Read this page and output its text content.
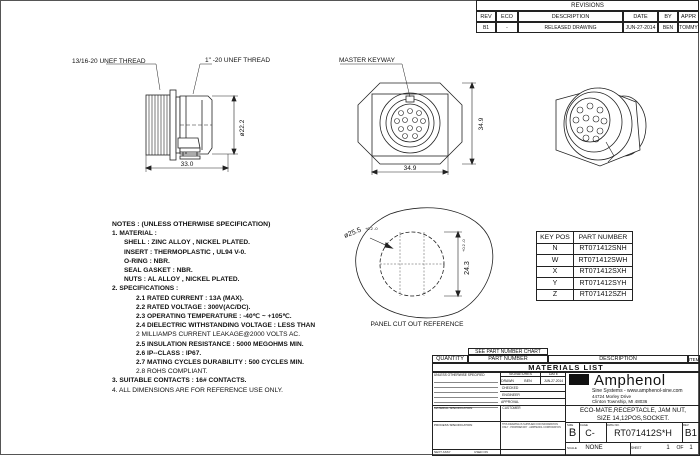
REVISIONS
REV	ECO	DESCRIPTION	DATE	BY	APPR
B1	-	RELEASED DRAWING	JUN-27-2014	BEN	TOMMY
13/16-20 UNEF THREAD	1" -20 UNEF THREAD
ø22.2
33.0
MASTER KEYWAY
34.9
34.9
ø25.5 +0.2 -0
24.3
+0.2 -0
PANEL CUT OUT REFERENCE
NOTES : (UNLESS OTHERWISE SPECIFICATION)
1. MATERIAL :
SHELL : ZINC ALLOY , NICKEL PLATED.
INSERT : THERMOPLASTIC , UL94 V-0.
O-RING : NBR.
SEAL GASKET : NBR.
NUTS : AL ALLOY , NICKEL PLATED.
2. SPECIFICATIONS :
2.1 RATED CURRENT : 13A (MAX).
2.2 RATED VOLTAGE : 300V(AC/DC).
2.3 OPERATING TEMPERATURE : -40℃ ~ +105℃.
2.4 DIELECTRIC WITHSTANDING VOLTAGE : LESS THAN
2 MILLIAMPS CURRENT LEAKAGE@2000 VOLTS AC.
2.5 INSULATION RESISTANCE : 5000 MEGOHMS MIN.
2.6 IP--CLASS : IP67.
2.7 MATING CYCLES DURABILITY : 500 CYCLES MIN.
2.8 ROHS COMPLIANT.
3. SUITABLE CONTACTS : 16# CONTACTS.
4. ALL DIMENSIONS ARE FOR REFERENCE USE ONLY.
KEY POS	PART NUMBER
N	RT071412SNH
W	RT071412SWH
X	RT071412SXH
Y	RT071412SYH
Z	RT071412SZH
SEE PART NUMBER CHART
QUANTITY	PART NUMBER	DESCRIPTION	ITEM
MATERIALS LIST
UNLESS OTHERWISE SPECIFIED	SIGNATURES	DATE
DRAWN	BEN	JUN-27-2014
CHECKED
ENGINEER
APPROVAL
MATERIAL SPECIFICATION	CUSTOMER
PROCESS SPECIFICATION	THIS DRAWING IS SUPPLIED FOR INFORMATION ONLY · PROPRIETARY · AMPHENOL CORPORATION
NEXT ASSY	USED ON
Amphenol
Sine Systems - www.amphenol-sine.com
44724 Morley Drive
Clinton Township, MI 48036
ECO-MATE,RECEPTACLE, JAM NUT,
SIZE 14,12POS,SOCKET.
SIZE
B
CAGE
C-
DWG NO.
RT071412S*H
REV
B1
SCALE	NONE	SHEET	1	OF 1
